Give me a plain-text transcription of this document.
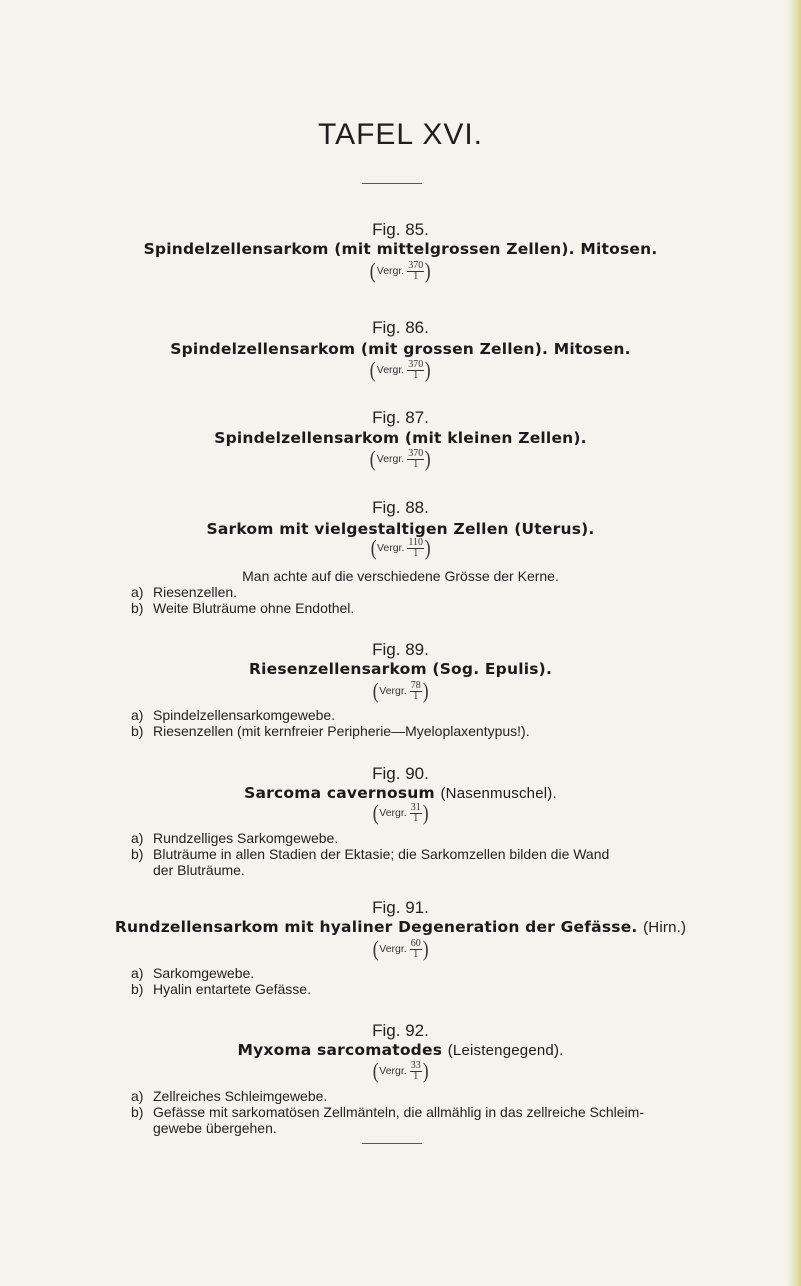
TAFEL XVI.
Fig. 85.
Spindelzellensarkom (mit mittelgrossen Zellen). Mitosen.
( Vergr. $\frac{370}{1}$ )
Fig. 86.
Spindelzellensarkom (mit grossen Zellen). Mitosen.
( Vergr. $\frac{370}{1}$ )
Fig. 87.
Spindelzellensarkom (mit kleinen Zellen).
( Vergr. $\frac{370}{1}$ )
Fig. 88.
Sarkom mit vielgestaltigen Zellen (Uterus).
( Vergr. $\frac{110}{1}$ )
Man achte auf die verschiedene Grösse der Kerne.
a) Riesenzellen.
b) Weite Bluträume ohne Endothel.
Fig. 89.
Riesenzellensarkom (Sog. Epulis).
( Vergr. $\frac{78}{1}$ )
a) Spindelzellensarkomgewebe.
b) Riesenzellen (mit kernfreier Peripherie—Myeloplaxentypus!).
Fig. 90.
Sarcoma cavernosum (Nasenmuschel).
( Vergr. $\frac{31}{1}$ )
a) Rundzelliges Sarkomgewebe.
b) Bluträume in allen Stadien der Ektasie; die Sarkomzellen bilden die Wand
der Bluträume.
Fig. 91.
Rundzellensarkom mit hyaliner Degeneration der Gefässe. (Hirn.)
( Vergr. $\frac{60}{1}$ )
a) Sarkomgewebe.
b) Hyalin entartete Gefässe.
Fig. 92.
Myxoma sarcomatodes (Leistengegend).
( Vergr. $\frac{33}{1}$ )
a) Zellreiches Schleimgewebe.
b) Gefässe mit sarkomatösen Zellmänteln, die allmählig in das zellreiche Schleim-
gewebe übergehen.
